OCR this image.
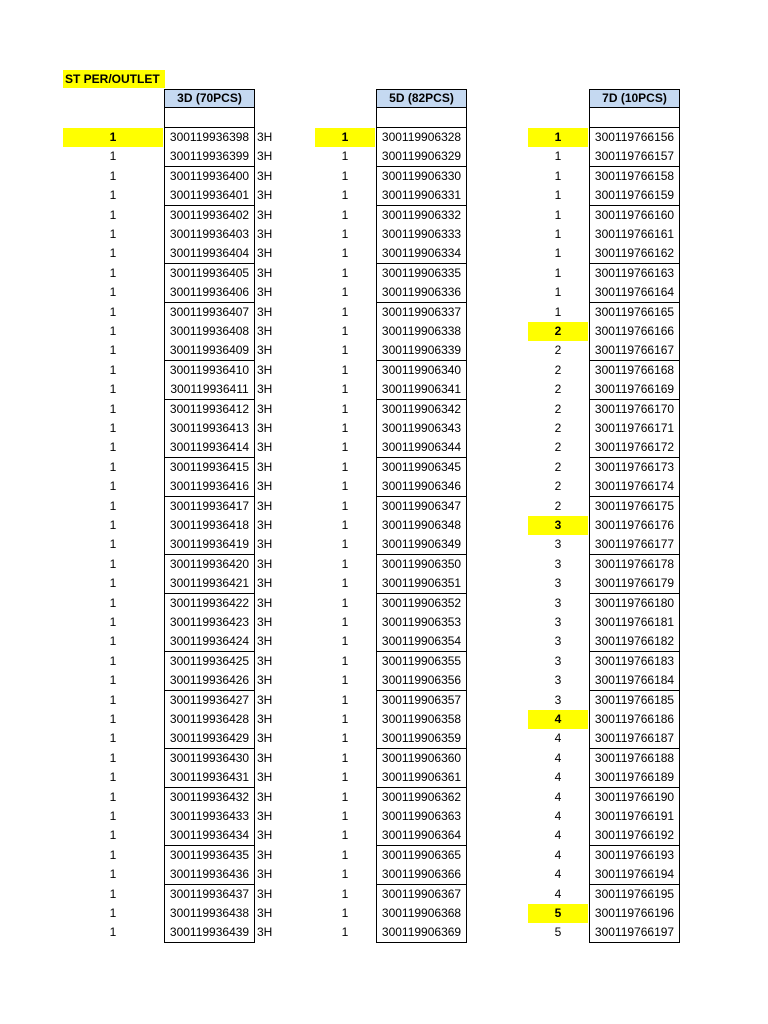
ST PER/OUTLET
3D (70PCS)
1	300119936398 3H
1	300119936399 3H
1	300119936400 3H
1	300119936401 3H
1	300119936402 3H
1	300119936403 3H
1	300119936404 3H
1	300119936405 3H
1	300119936406 3H
1	300119936407 3H
1	300119936408 3H
1	300119936409 3H
1	300119936410 3H
1	300119936411 3H
1	300119936412 3H
1	300119936413 3H
1	300119936414 3H
1	300119936415 3H
1	300119936416 3H
1	300119936417 3H
1	300119936418 3H
1	300119936419 3H
1	300119936420 3H
1	300119936421 3H
1	300119936422 3H
1	300119936423 3H
1	300119936424 3H
1	300119936425 3H
1	300119936426 3H
1	300119936427 3H
1	300119936428 3H
1	300119936429 3H
1	300119936430 3H
1	300119936431 3H
1	300119936432 3H
1	300119936433 3H
1	300119936434 3H
1	300119936435 3H
1	300119936436 3H
1	300119936437 3H
1	300119936438 3H
1	300119936439 3H
5D (82PCS)
1	300119906328
1	300119906329
1	300119906330
1	300119906331
1	300119906332
1	300119906333
1	300119906334
1	300119906335
1	300119906336
1	300119906337
1	300119906338
1	300119906339
1	300119906340
1	300119906341
1	300119906342
1	300119906343
1	300119906344
1	300119906345
1	300119906346
1	300119906347
1	300119906348
1	300119906349
1	300119906350
1	300119906351
1	300119906352
1	300119906353
1	300119906354
1	300119906355
1	300119906356
1	300119906357
1	300119906358
1	300119906359
1	300119906360
1	300119906361
1	300119906362
1	300119906363
1	300119906364
1	300119906365
1	300119906366
1	300119906367
1	300119906368
1	300119906369
7D (10PCS)
1	300119766156
1	300119766157
1	300119766158
1	300119766159
1	300119766160
1	300119766161
1	300119766162
1	300119766163
1	300119766164
1	300119766165
2	300119766166
2	300119766167
2	300119766168
2	300119766169
2	300119766170
2	300119766171
2	300119766172
2	300119766173
2	300119766174
2	300119766175
3	300119766176
3	300119766177
3	300119766178
3	300119766179
3	300119766180
3	300119766181
3	300119766182
3	300119766183
3	300119766184
3	300119766185
4	300119766186
4	300119766187
4	300119766188
4	300119766189
4	300119766190
4	300119766191
4	300119766192
4	300119766193
4	300119766194
4	300119766195
5	300119766196
5	300119766197
